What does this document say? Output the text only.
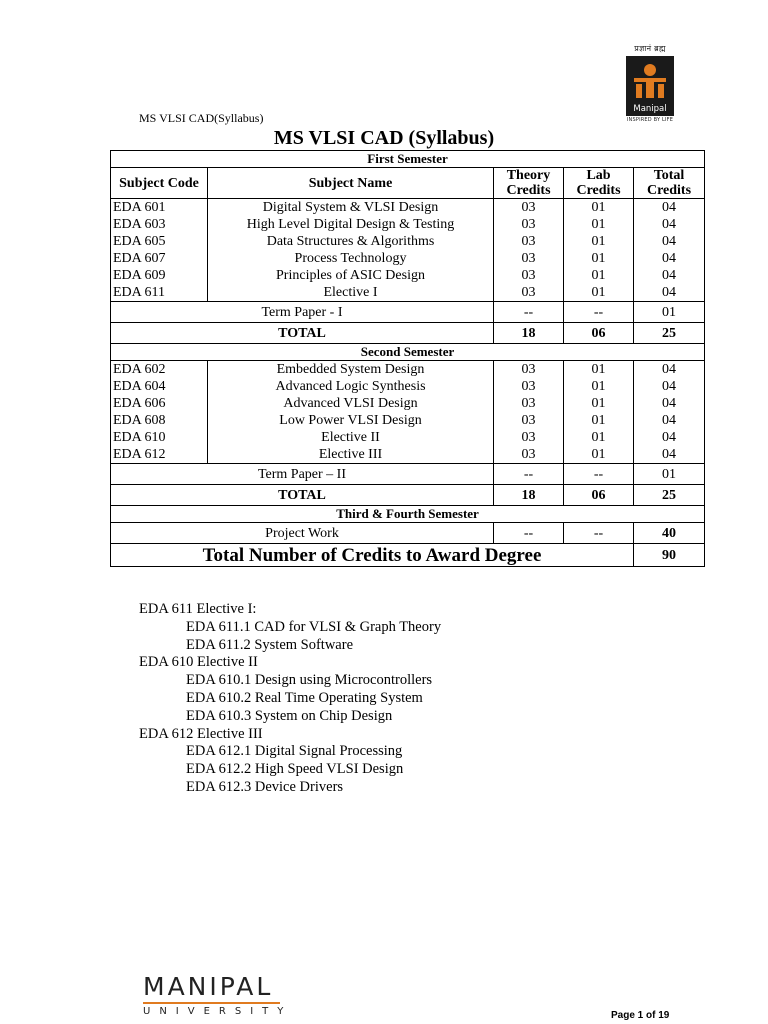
प्रज्ञानं ब्रह्म
Manipal
INSPIRED BY LIFE
MS VLSI CAD(Syllabus)
MS VLSI CAD (Syllabus)
First Semester				
Subject Code	Subject Name	Theory Credits	Lab Credits	Total Credits
EDA 601	Digital System & VLSI Design	03	01	04
EDA 603	High Level Digital Design & Testing	03	01	04
EDA 605	Data Structures & Algorithms	03	01	04
EDA 607	Process Technology	03	01	04
EDA 609	Principles of ASIC Design	03	01	04
EDA 611	Elective I	03	01	04
Term Paper - I		--	--	01
TOTAL		18	06	25
Second Semester				
EDA 602	Embedded System Design	03	01	04
EDA 604	Advanced Logic Synthesis	03	01	04
EDA 606	Advanced VLSI Design	03	01	04
EDA 608	Low Power VLSI Design	03	01	04
EDA 610	Elective II	03	01	04
EDA 612	Elective III	03	01	04
Term Paper – II		--	--	01
TOTAL		18	06	25
Third & Fourth Semester				
Project Work		--	--	40
Total Number of Credits to Award Degree				90
EDA 611 Elective I:
EDA 611.1 CAD for VLSI & Graph Theory
EDA 611.2 System Software
EDA 610 Elective II
EDA 610.1 Design using Microcontrollers
EDA 610.2 Real Time Operating System
EDA 610.3 System on Chip Design
EDA 612 Elective III
EDA 612.1 Digital Signal Processing
EDA 612.2 High Speed VLSI Design
EDA 612.3 Device Drivers
MANIPAL
UNIVERSITY	Page 1 of 19
